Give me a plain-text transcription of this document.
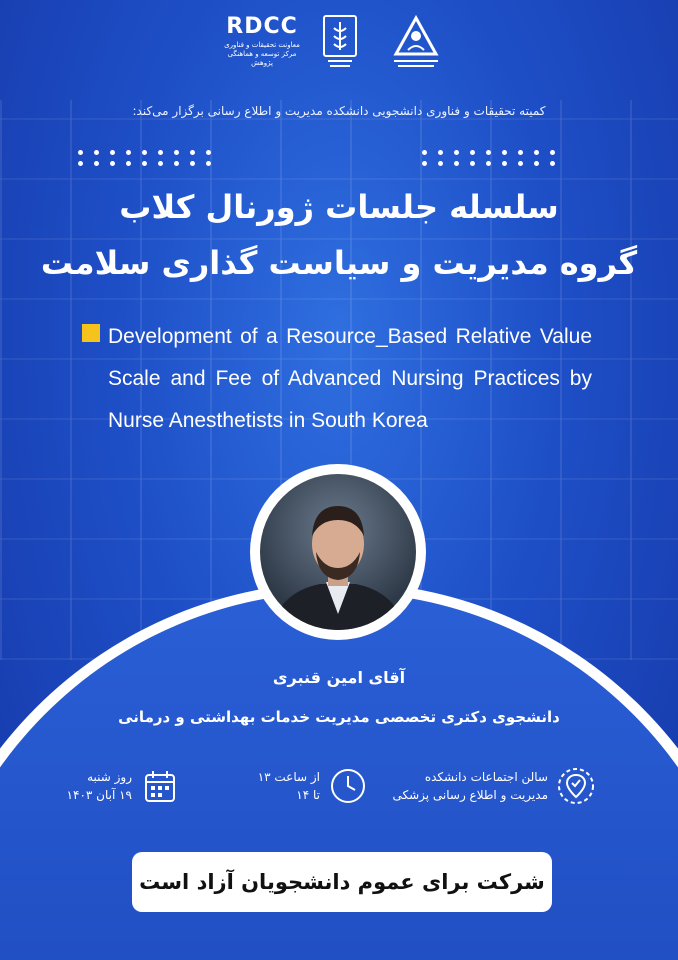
RDCC
معاونت تحقیقات و فناوری
مرکز توسعه و هماهنگی پژوهش
کمیته تحقیقات و فناوری دانشجویی دانشکده مدیریت و اطلاع رسانی برگزار می‌کند:
سلسله جلسات ژورنال کلاب
گروه مدیریت و سیاست گذاری سلامت
Development of a Resource_Based Relative Value Scale and Fee of Advanced Nursing Practices by Nurse Anesthetists in South Korea
آقای امین قنبری
دانشجوی دکتری تخصصی مدیریت خدمات بهداشتی و درمانی
سالن اجتماعات دانشکده
مدیریت و اطلاع رسانی پزشکی
از ساعت ۱۳
تا ۱۴
روز شنبه
۱۹ آبان ۱۴۰۳
شرکت برای عموم دانشجویان آزاد است
